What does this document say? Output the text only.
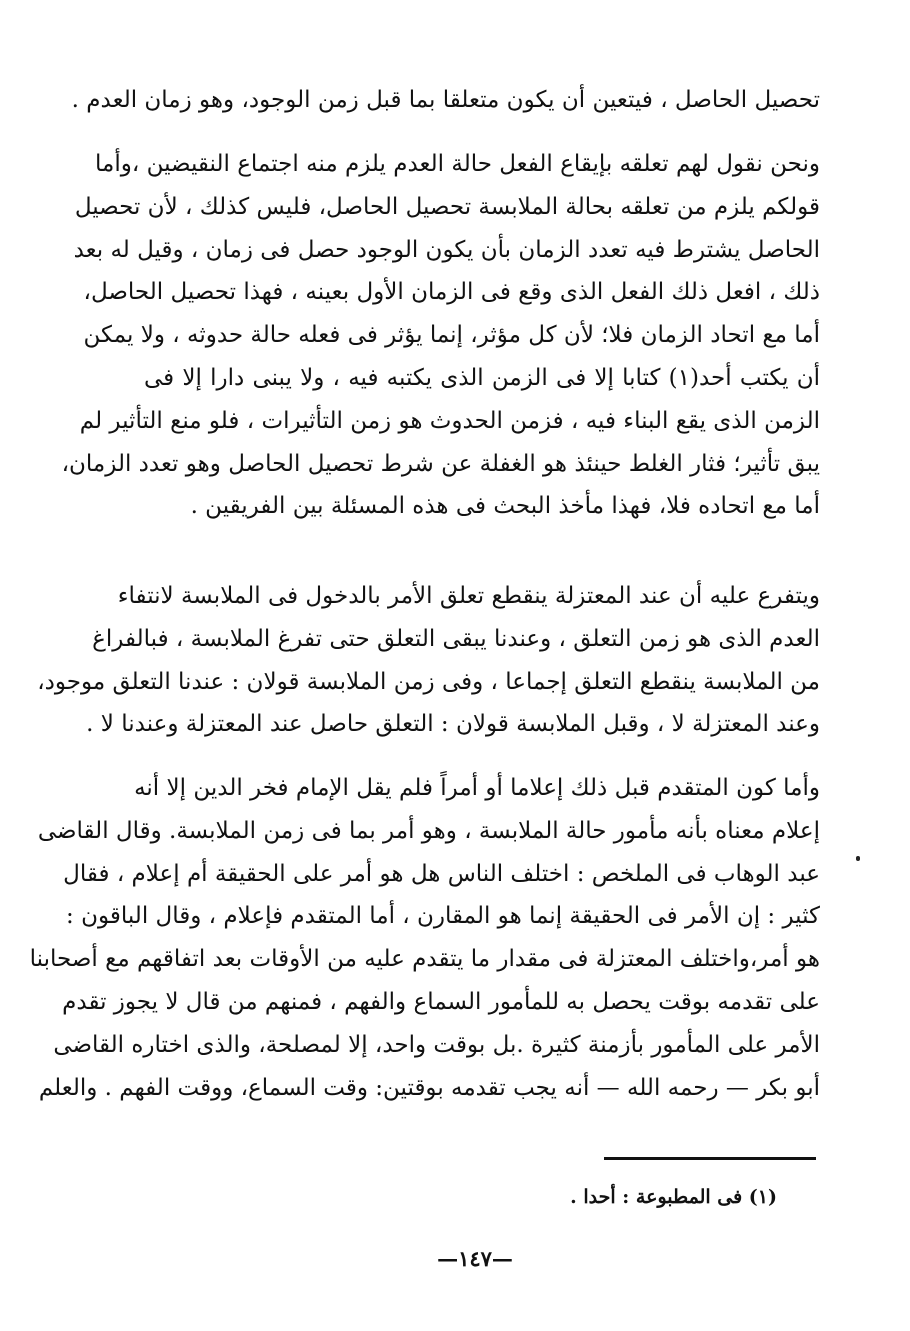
تحصيل الحاصل ، فيتعين أن يكون متعلقا بما قبل زمن الوجود، وهو زمان العدم .
ونحن نقول لهم تعلقه بإيقاع الفعل حالة العدم يلزم منه اجتماع النقيضين ،وأما
قولكم يلزم من تعلقه بحالة الملابسة تحصيل الحاصل، فليس كذلك ، لأن تحصيل
الحاصل يشترط فيه تعدد الزمان بأن يكون الوجود حصل فى زمان ، وقيل له بعد
ذلك ، افعل ذلك الفعل الذى وقع فى الزمان الأول بعينه ، فهذا تحصيل الحاصل،
أما مع اتحاد الزمان فلا؛ لأن كل مؤثر، إنما يؤثر فى فعله حالة حدوثه ، ولا يمكن
أن يكتب أحد(١) كتابا إلا فى الزمن الذى يكتبه فيه ، ولا يبنى دارا إلا فى
الزمن الذى يقع البناء فيه ، فزمن الحدوث هو زمن التأثيرات ، فلو منع التأثير لم
يبق تأثير؛ فثار الغلط حينئذ هو الغفلة عن شرط تحصيل الحاصل وهو تعدد الزمان،
أما مع اتحاده فلا، فهذا مأخذ البحث فى هذه المسئلة بين الفريقين .
ويتفرع عليه أن عند المعتزلة ينقطع تعلق الأمر بالدخول فى الملابسة لانتفاء
العدم الذى هو زمن التعلق ، وعندنا يبقى التعلق حتى تفرغ الملابسة ، فبالفراغ
من الملابسة ينقطع التعلق إجماعا ، وفى زمن الملابسة قولان : عندنا التعلق موجود،
وعند المعتزلة لا ، وقبل الملابسة قولان : التعلق حاصل عند المعتزلة وعندنا لا .
وأما كون المتقدم قبل ذلك إعلاما أو أمراً فلم يقل الإمام فخر الدين إلا أنه
إعلام معناه بأنه مأمور حالة الملابسة ، وهو أمر بما فى زمن الملابسة. وقال القاضى
عبد الوهاب فى الملخص : اختلف الناس هل هو أمر على الحقيقة أم إعلام ، فقال
كثير : إن الأمر فى الحقيقة إنما هو المقارن ، أما المتقدم فإعلام ، وقال الباقون :
هو أمر،واختلف المعتزلة فى مقدار ما يتقدم عليه من الأوقات بعد اتفاقهم مع أصحابنا
على تقدمه بوقت يحصل به للمأمور السماع والفهم ، فمنهم من قال لا يجوز تقدم
الأمر على المأمور بأزمنة كثيرة .بل بوقت واحد، إلا لمصلحة، والذى اختاره القاضى
أبو بكر — رحمه الله — أنه يجب تقدمه بوقتين: وقت السماع، ووقت الفهم . والعلم
(١) فى المطبوعة : أحدا .
—١٤٧—
